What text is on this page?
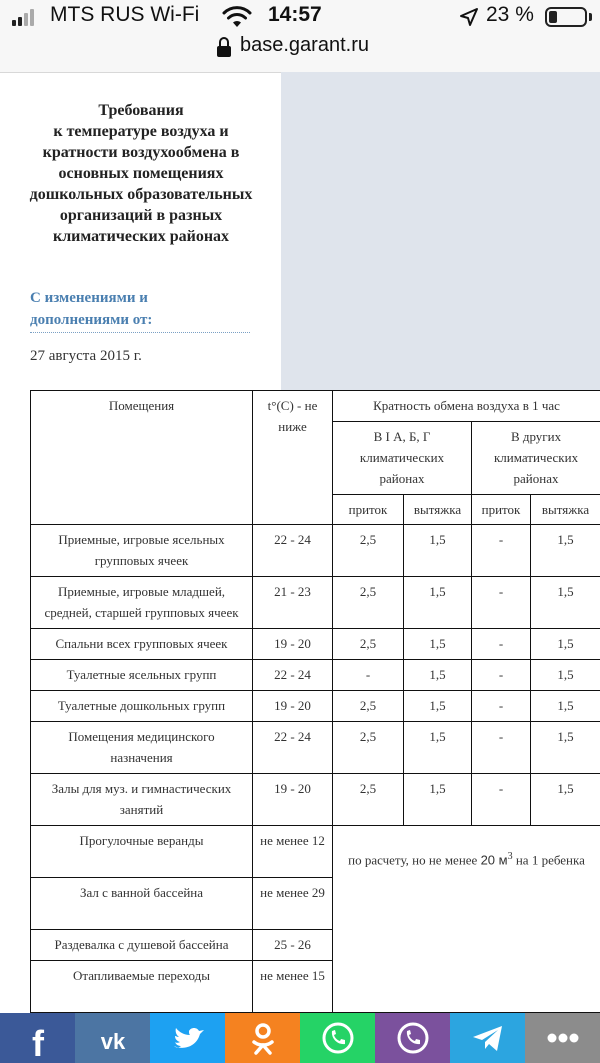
MTS RUS Wi-Fi	14:57	23 %
base.garant.ru
Требования
к температуре воздуха и кратности воздухообмена в основных помещениях дошкольных образовательных организаций в разных климатических районах
С изменениями и дополнениями от:
27 августа 2015 г.
Помещения	t°(C) - не ниже	Кратность обмена воздуха в 1 час			
		В I А, Б, Г климатических районах		В других климатических районах	
		приток	вытяжка	приток	вытяжка
Приемные, игровые ясельных групповых ячеек	22 - 24	2,5	1,5	-	1,5
Приемные, игровые младшей, средней, старшей групповых ячеек	21 - 23	2,5	1,5	-	1,5
Спальни всех групповых ячеек	19 - 20	2,5	1,5	-	1,5
Туалетные ясельных групп	22 - 24	-	1,5	-	1,5
Туалетные дошкольных групп	19 - 20	2,5	1,5	-	1,5
Помещения медицинского назначения	22 - 24	2,5	1,5	-	1,5
Залы для муз. и гимнастических занятий	19 - 20	2,5	1,5	-	1,5
Прогулочные веранды	не менее 12	по расчету, но не менее 20 $м^3$ на 1 ребенка			
Зал с ванной бассейна	не менее 29				
Раздевалка с душевой бассейна	25 - 26				
Отапливаемые переходы	не менее 15				
f	vk
